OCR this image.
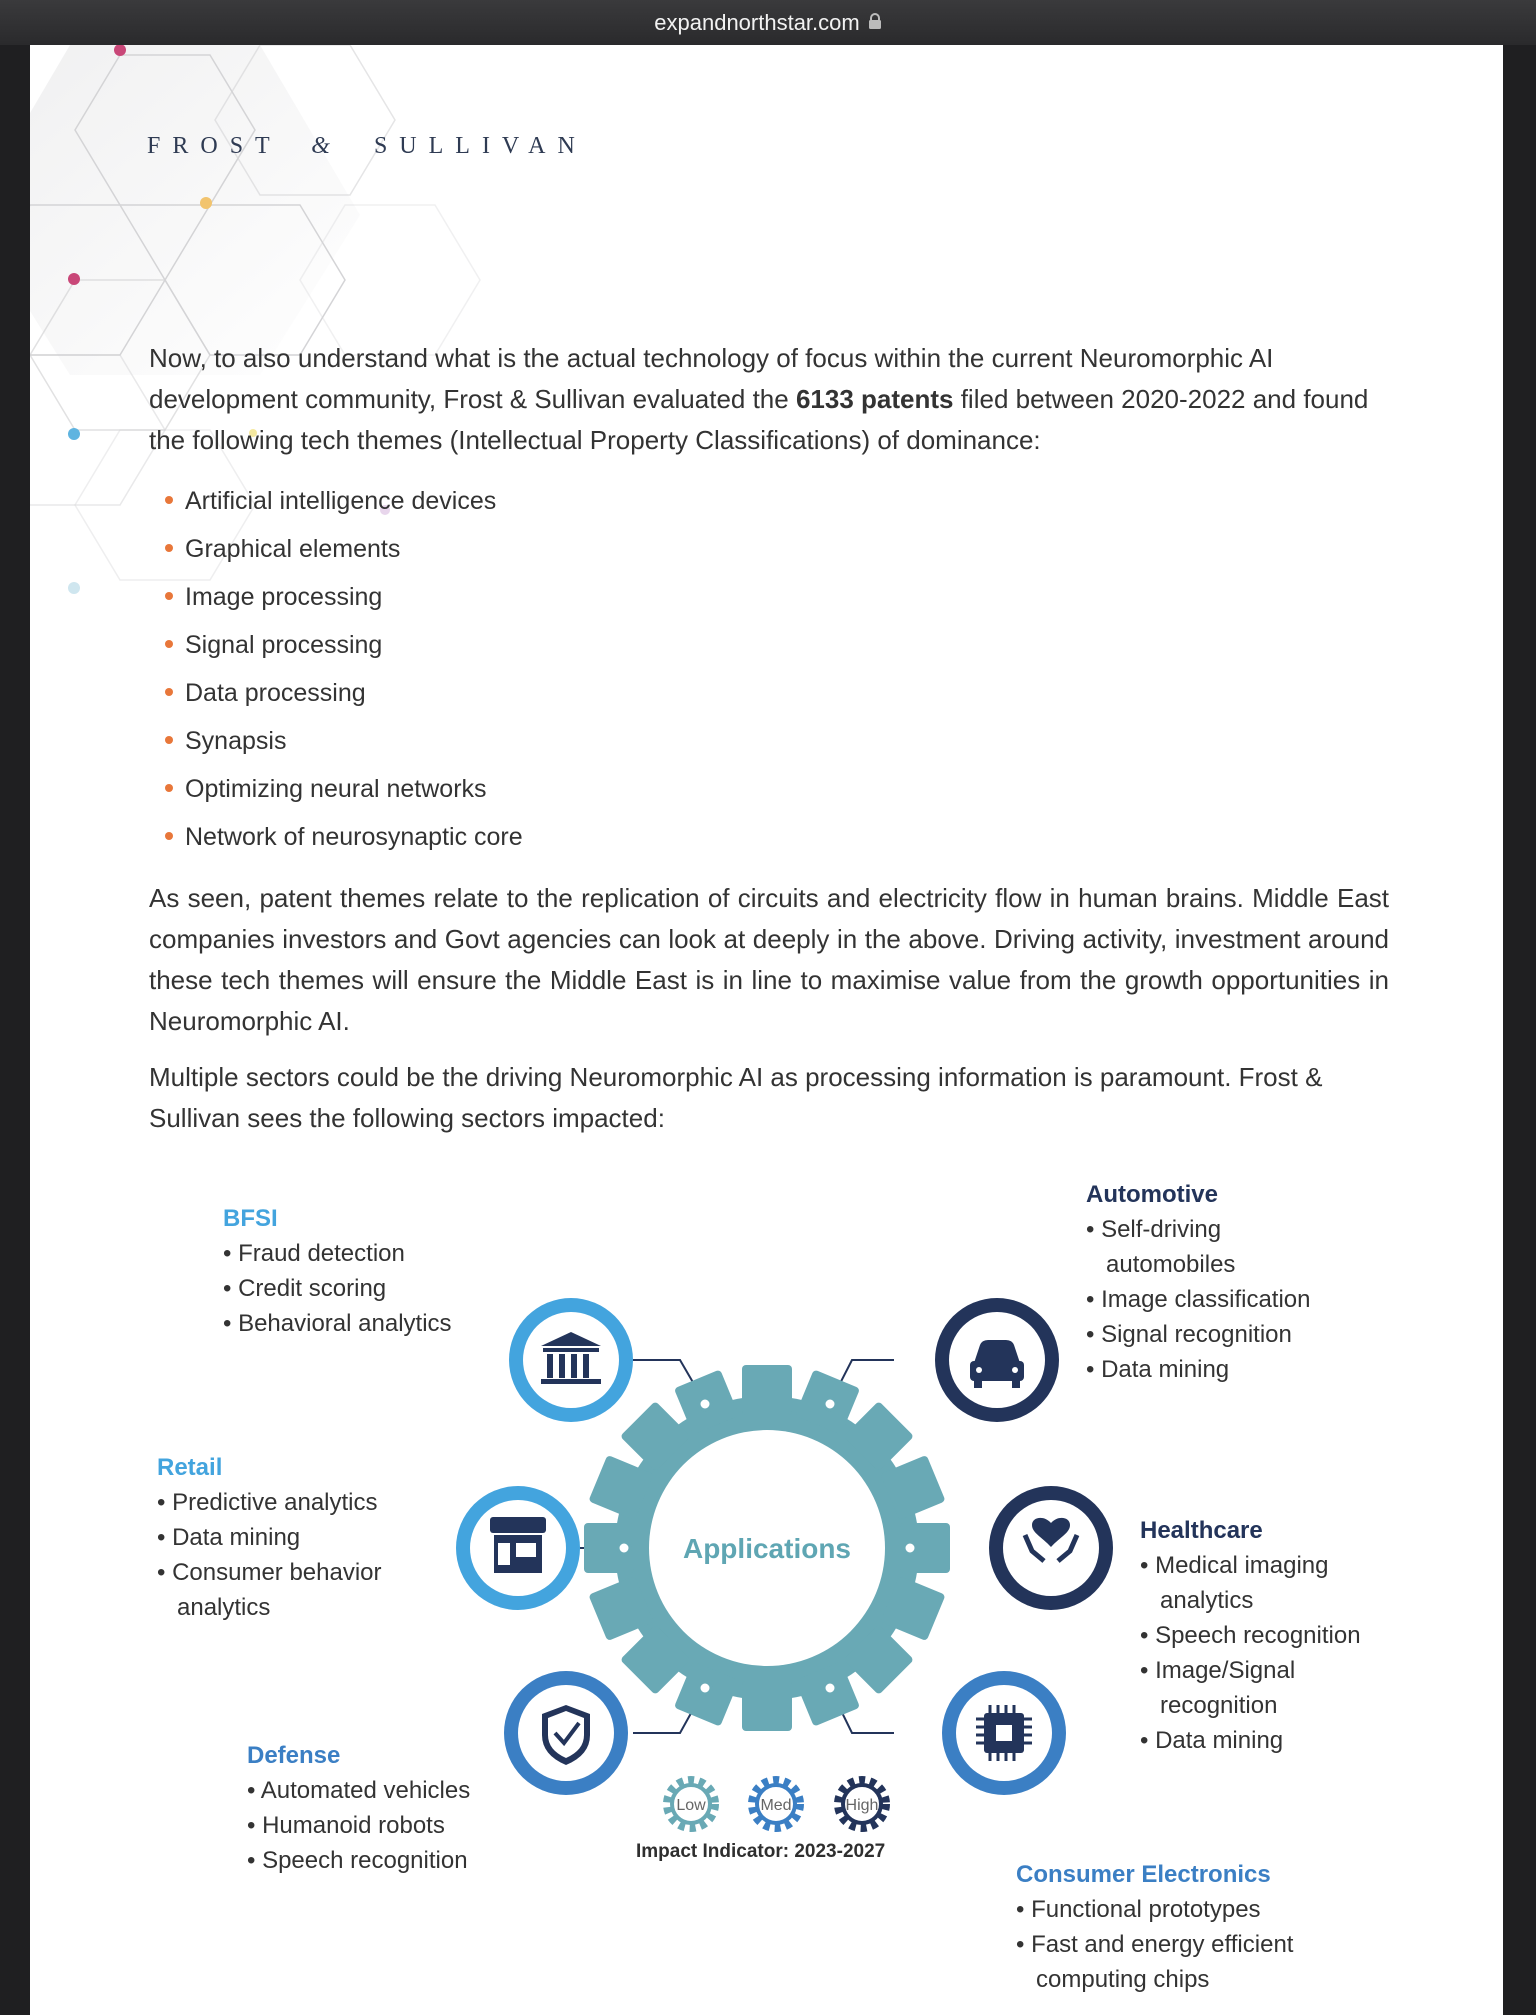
expandnorthstar.com
FROST & SULLIVAN
Now, to also understand what is the actual technology of focus within the current Neuromorphic AI development community, Frost & Sullivan evaluated the 6133 patents filed between 2020-2022 and found the following tech themes (Intellectual Property Classifications) of dominance:
Artificial intelligence devices
Graphical elements
Image processing
Signal processing
Data processing
Synapsis
Optimizing neural networks
Network of neurosynaptic core
As seen, patent themes relate to the replication of circuits and electricity flow in human brains. Middle East companies investors and Govt agencies can look at deeply in the above. Driving activity, investment around these tech themes will ensure the Middle East is in line to maximise value from the growth opportunities in Neuromorphic AI.
Multiple sectors could be the driving Neuromorphic AI as processing information is paramount. Frost & Sullivan sees the following sectors impacted:
Low	Med	High
Applications
BFSI
• Fraud detection
• Credit scoring
• Behavioral analytics
Retail
• Predictive analytics
• Data mining
• Consumer behavior analytics
Defense
• Automated vehicles
• Humanoid robots
• Speech recognition
Automotive
• Self-driving automobiles
• Image classification
• Signal recognition
• Data mining
Healthcare
• Medical imaging analytics
• Speech recognition
• Image/Signal recognition
• Data mining
Consumer Electronics
• Functional prototypes
• Fast and energy efficient computing chips
Impact Indicator: 2023-2027
